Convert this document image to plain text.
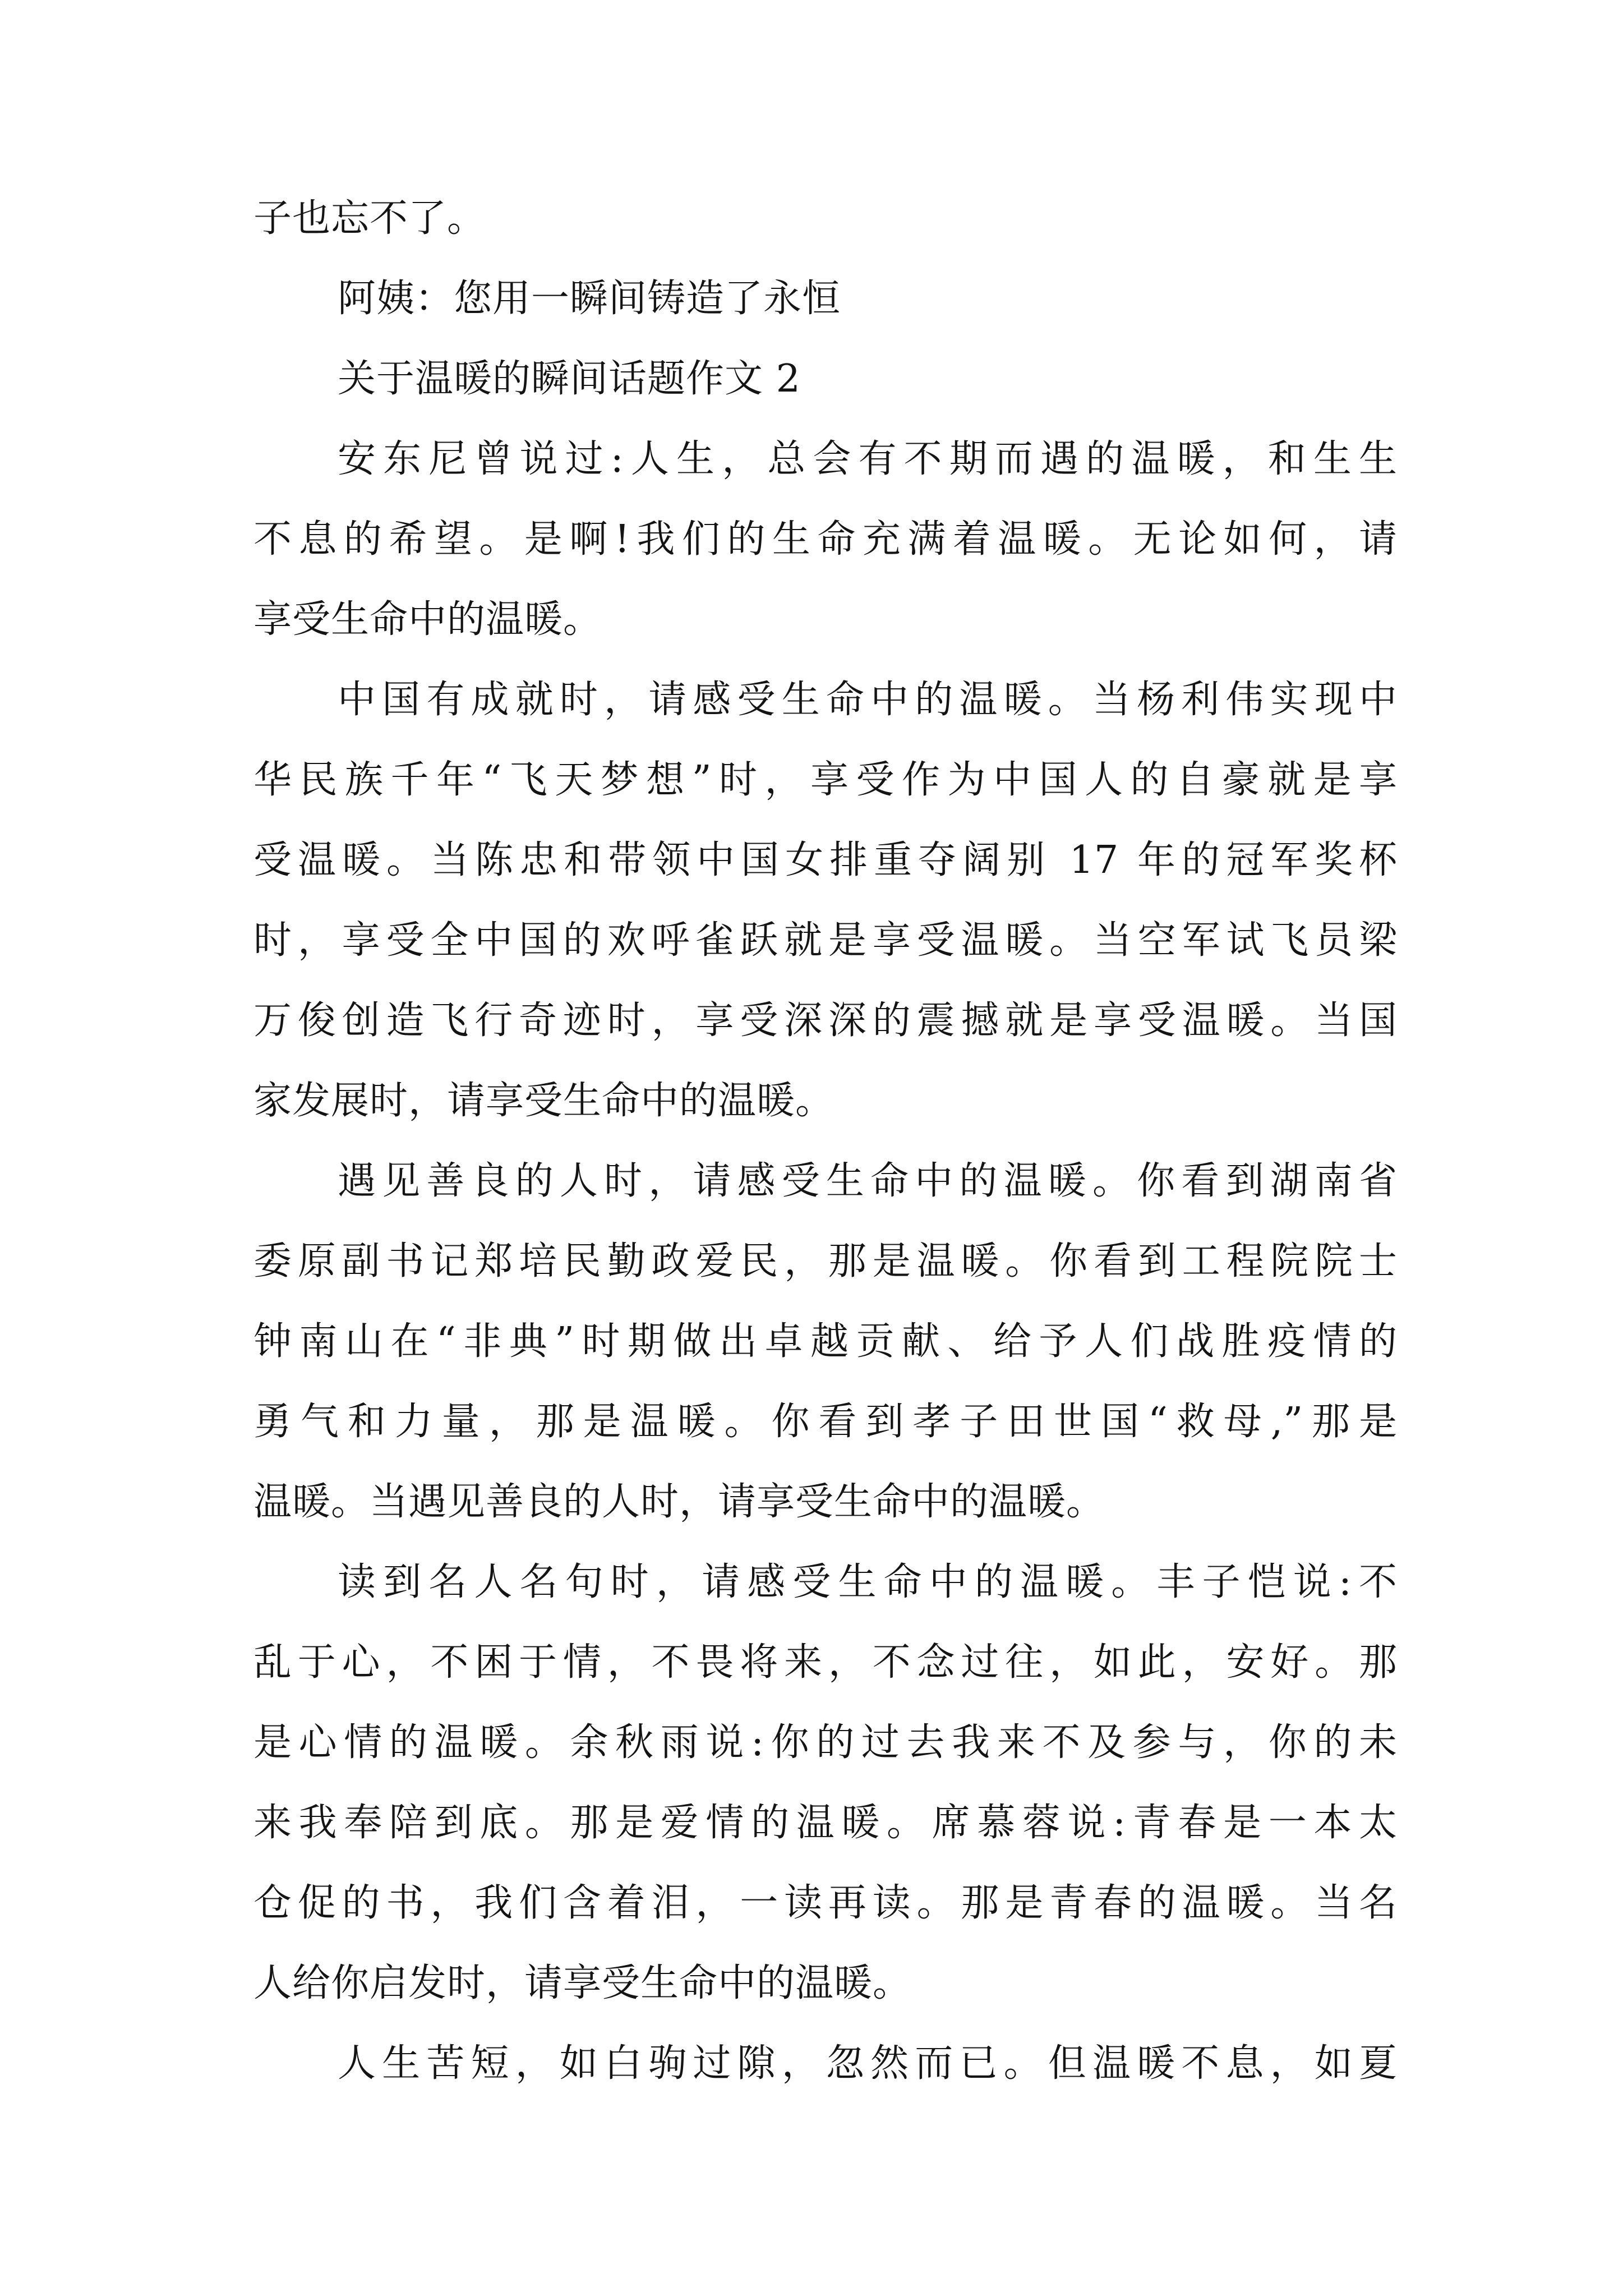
子也忘不了。
阿姨：您用一瞬间铸造了永恒
关于温暖的瞬间话题作文 2
安东尼曾说过:人生，总会有不期而遇的温暖，和生生
不息的希望。是啊!我们的生命充满着温暖。无论如何，请
享受生命中的温暖。
中国有成就时，请感受生命中的温暖。当杨利伟实现中
华民族千年“飞天梦想”时，享受作为中国人的自豪就是享
受温暖。当陈忠和带领中国女排重夺阔别 17 年的冠军奖杯
时，享受全中国的欢呼雀跃就是享受温暖。当空军试飞员梁
万俊创造飞行奇迹时，享受深深的震撼就是享受温暖。当国
家发展时，请享受生命中的温暖。
遇见善良的人时，请感受生命中的温暖。你看到湖南省
委原副书记郑培民勤政爱民，那是温暖。你看到工程院院士
钟南山在“非典”时期做出卓越贡献、给予人们战胜疫情的
勇气和力量，那是温暖。你看到孝子田世国“救母,”那是
温暖。当遇见善良的人时，请享受生命中的温暖。
读到名人名句时，请感受生命中的温暖。丰子恺说:不
乱于心，不困于情，不畏将来，不念过往，如此，安好。那
是心情的温暖。余秋雨说:你的过去我来不及参与，你的未
来我奉陪到底。那是爱情的温暖。席慕蓉说:青春是一本太
仓促的书，我们含着泪，一读再读。那是青春的温暖。当名
人给你启发时，请享受生命中的温暖。
人生苦短，如白驹过隙，忽然而已。但温暖不息，如夏
